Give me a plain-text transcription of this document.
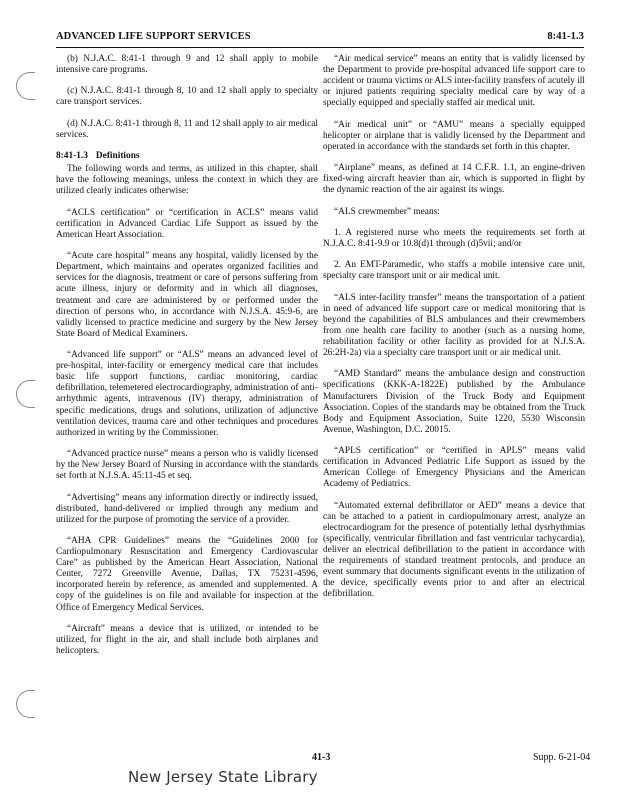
ADVANCED LIFE SUPPORT SERVICES	8:41-1.3

(b) N.J.A.C. 8:41-1 through 9 and 12 shall apply to mobile intensive care programs.

(c) N.J.A.C. 8:41-1 through 8, 10 and 12 shall apply to specialty care transport services.

(d) N.J.A.C. 8:41-1 through 8, 11 and 12 shall apply to air medical services.

8:41-1.3 Definitions

The following words and terms, as utilized in this chapter, shall have the following meanings, unless the context in which they are utilized clearly indicates otherwise:

“ACLS certification” or “certification in ACLS” means valid certification in Advanced Cardiac Life Support as issued by the American Heart Association.

“Acute care hospital” means any hospital, validly licensed by the Department, which maintains and operates organized facilities and services for the diagnosis, treatment or care of persons suffering from acute illness, injury or deformity and in which all diagnoses, treatment and care are administered by or performed under the direction of persons who, in accordance with N.J.S.A. 45:9-6, are validly licensed to practice medicine and surgery by the New Jersey State Board of Medical Examiners.

“Advanced life support” or “ALS” means an advanced level of pre-hospital, inter-facility or emergency medical care that includes basic life support functions, cardiac monitoring, cardiac defibrillation, telemetered electrocardiography, administration of anti-arrhythmic agents, intravenous (IV) therapy, administration of specific medications, drugs and solutions, utilization of adjunctive ventilation devices, trauma care and other techniques and procedures authorized in writing by the Commissioner.

“Advanced practice nurse” means a person who is validly licensed by the New Jersey Board of Nursing in accordance with the standards set forth at N.J.S.A. 45:11-45 et seq.

“Advertising” means any information directly or indirectly issued, distributed, hand-delivered or implied through any medium and utilized for the purpose of promoting the service of a provider.

“AHA CPR Guidelines” means the “Guidelines 2000 for Cardiopulmonary Resuscitation and Emergency Cardiovascular Care” as published by the American Heart Association, National Center, 7272 Greenville Avenue, Dallas, TX 75231-4596, incorporated herein by reference, as amended and supplemented. A copy of the guidelines is on file and available for inspection at the Office of Emergency Medical Services.

“Aircraft” means a device that is utilized, or intended to be utilized, for flight in the air, and shall include both airplanes and helicopters.

“Air medical service” means an entity that is validly licensed by the Department to provide pre-hospital advanced life support care to accident or trauma victims or ALS inter-facility transfers of acutely ill or injured patients requiring specialty medical care by way of a specially equipped and specially staffed air medical unit.

“Air medical unit” or “AMU” means a specially equipped helicopter or airplane that is validly licensed by the Department and operated in accordance with the standards set forth in this chapter.

“Airplane” means, as defined at 14 C.F.R. 1.1, an engine-driven fixed-wing aircraft heavier than air, which is supported in flight by the dynamic reaction of the air against its wings.

“ALS crewmember” means:

1. A registered nurse who meets the requirements set forth at N.J.A.C. 8:41-9.9 or 10.8(d)1 through (d)5vii; and/or

2. An EMT-Paramedic, who staffs a mobile intensive care unit, specialty care transport unit or air medical unit.

“ALS inter-facility transfer” means the transportation of a patient in need of advanced life support care or medical monitoring that is beyond the capabilities of BLS ambulances and their crewmembers from one health care facility to another (such as a nursing home, rehabilitation facility or other facility as provided for at N.J.S.A. 26:2H-2a) via a specialty care transport unit or air medical unit.

“AMD Standard” means the ambulance design and construction specifications (KKK-A-1822E) published by the Ambulance Manufacturers Division of the Truck Body and Equipment Association. Copies of the standards may be obtained from the Truck Body and Equipment Association, Suite 1220, 5530 Wisconsin Avenue, Washington, D.C. 20015.

“APLS certification” or “certified in APLS” means valid certification in Advanced Pediatric Life Support as issued by the American College of Emergency Physicians and the American Academy of Pediatrics.

“Automated external defibrillator or AED” means a device that can be attached to a patient in cardiopulmonary arrest, analyze an electrocardiogram for the presence of potentially lethal dysrhythmias (specifically, ventricular fibrillation and fast ventricular tachycardia), deliver an electrical defibrillation to the patient in accordance with the requirements of standard treatment protocols, and produce an event summary that documents significant events in the utilization of the device, specifically events prior to and after an electrical defibrillation.

41-3	Supp. 6-21-04
New Jersey State Library
